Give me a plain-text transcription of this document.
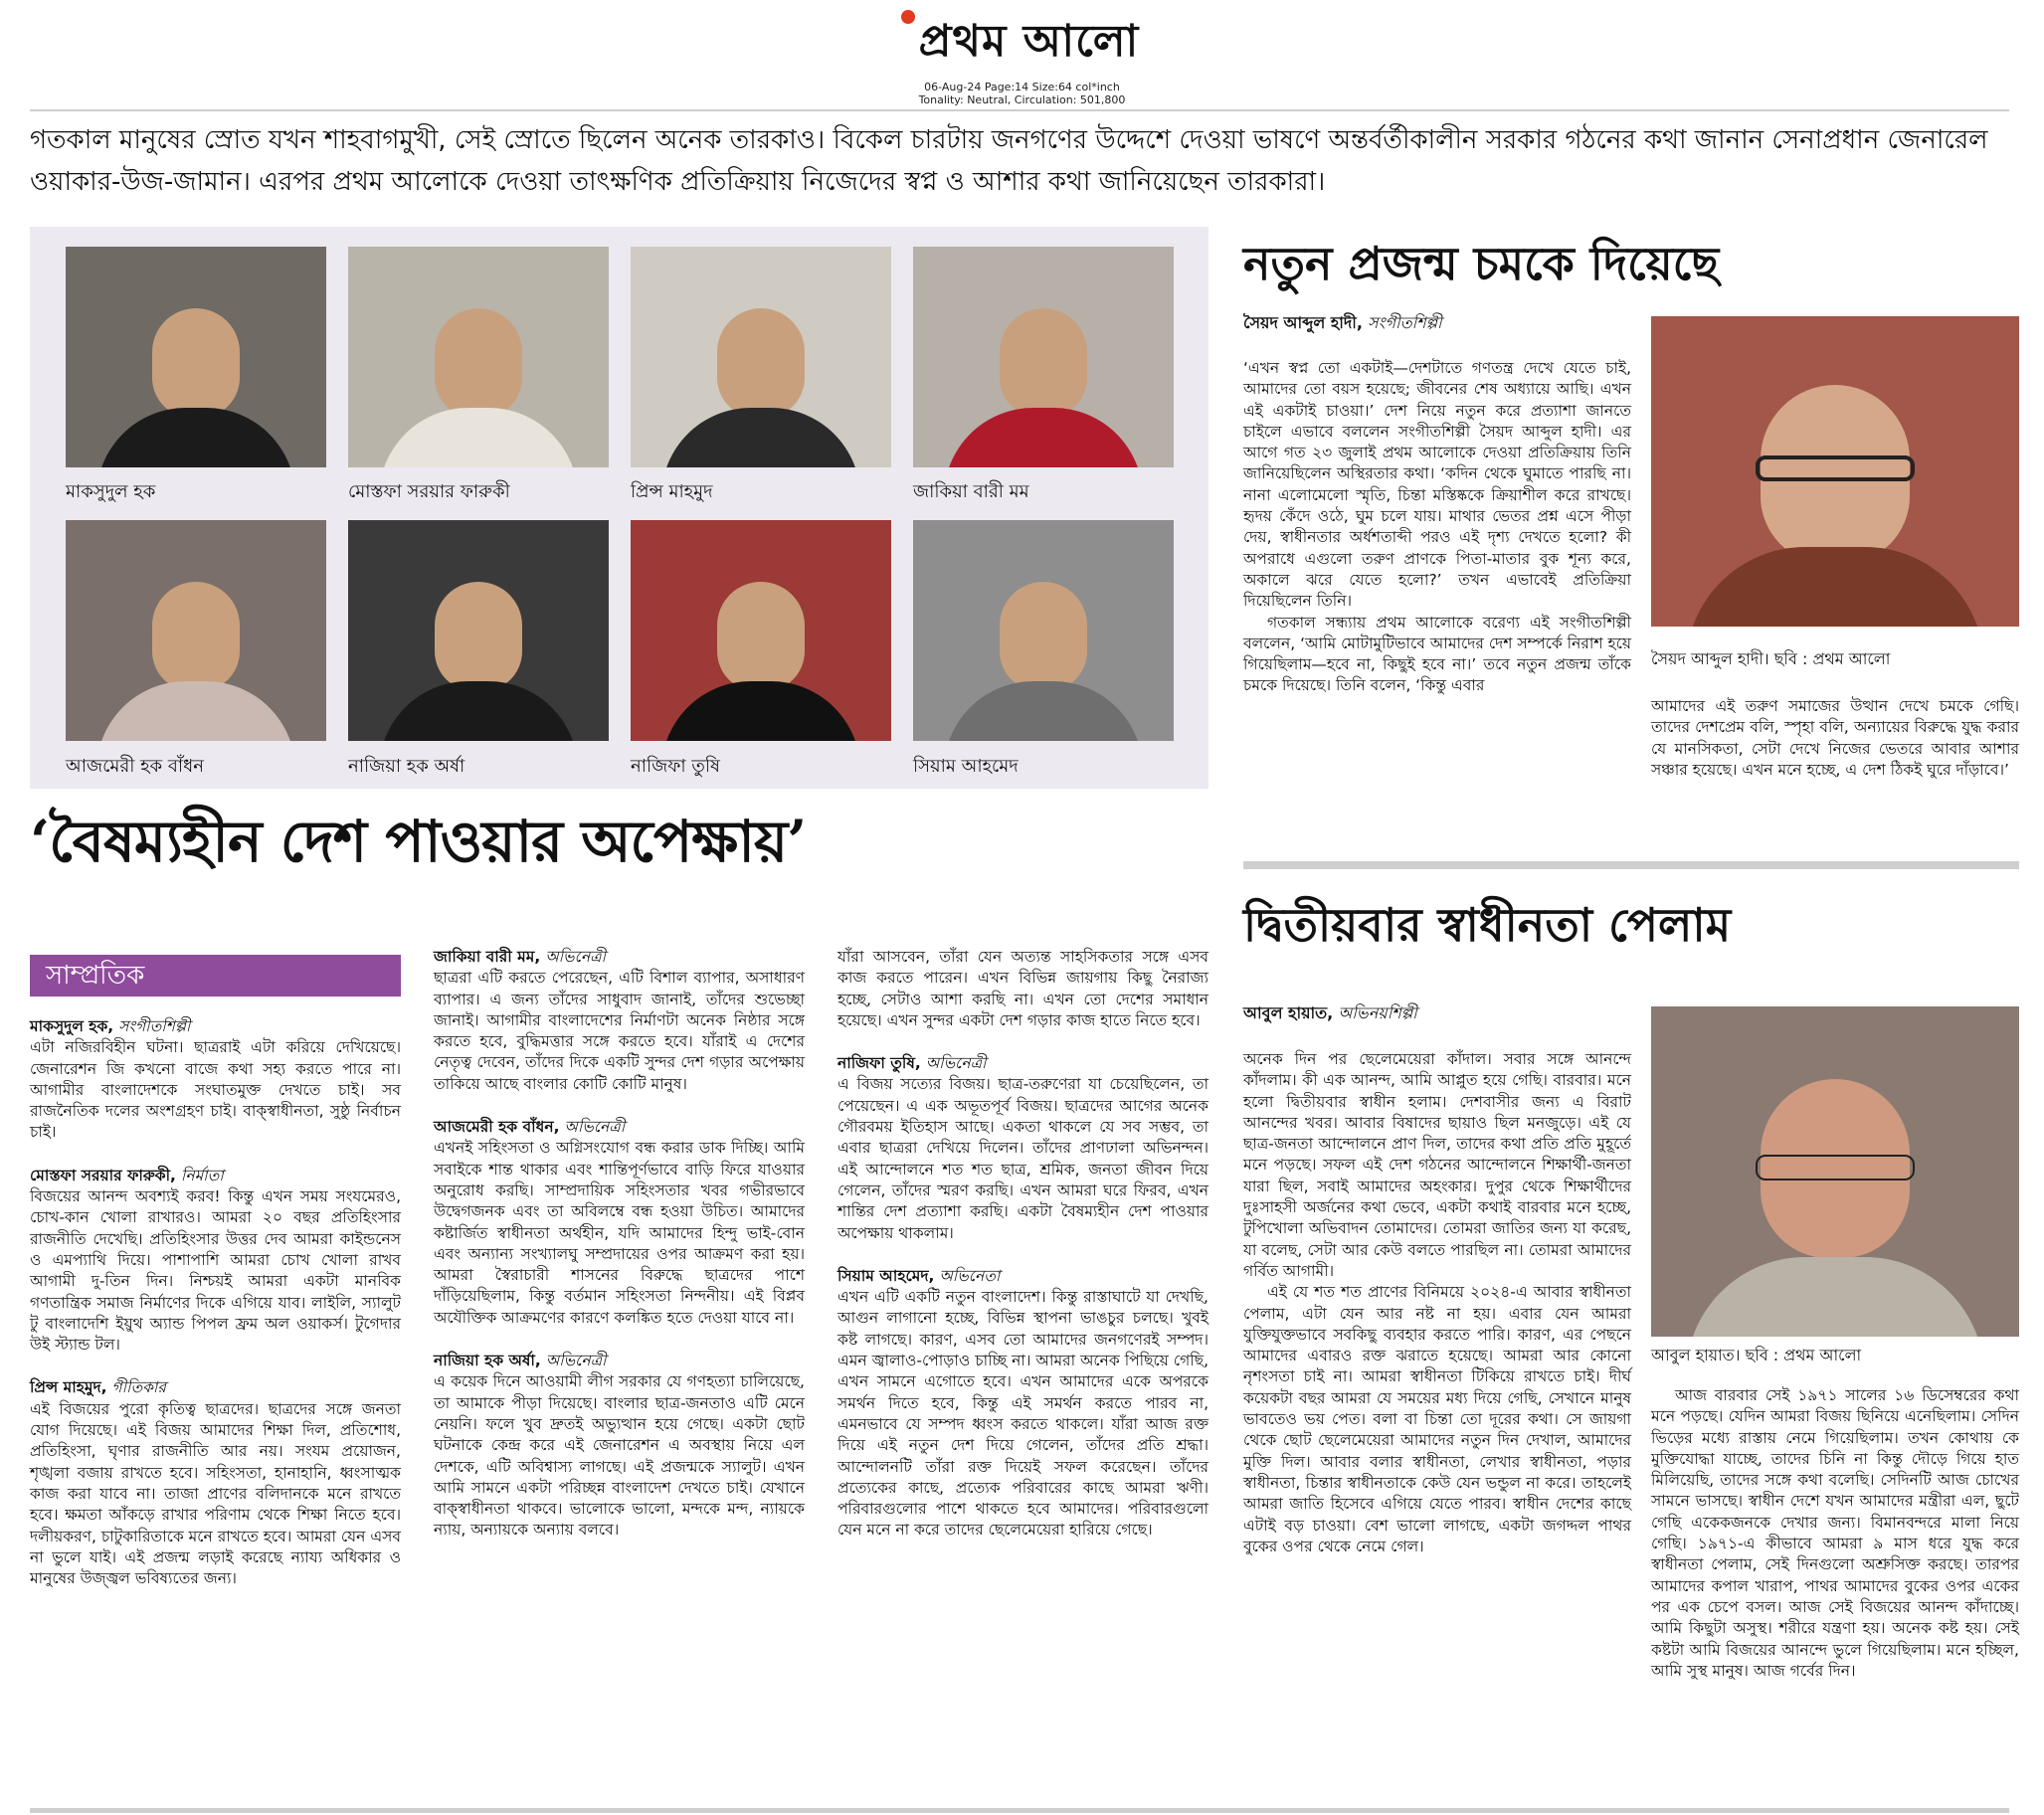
প্রথম আলো
06-Aug-24 Page:14 Size:64 col*inch
Tonality: Neutral, Circulation: 501,800
গতকাল মানুষের স্রোত যখন শাহবাগমুখী, সেই স্রোতে ছিলেন অনেক তারকাও। বিকেল চারটায় জনগণের উদ্দেশে দেওয়া ভাষণে অন্তর্বর্তীকালীন সরকার গঠনের কথা জানান সেনাপ্রধান জেনারেল ওয়াকার-উজ-জামান। এরপর প্রথম আলোকে দেওয়া তাৎক্ষণিক প্রতিক্রিয়ায় নিজেদের স্বপ্ন ও আশার কথা জানিয়েছেন তারকারা।
মাকসুদুল হক	মোস্তফা সরয়ার ফারুকী	প্রিন্স মাহমুদ	জাকিয়া বারী মম
আজমেরী হক বাঁধন	নাজিয়া হক অর্ষা	নাজিফা তুষি	সিয়াম আহমেদ
‘বৈষম্যহীন দেশ পাওয়ার অপেক্ষায়’
সাম্প্রতিক

মাকসুদুল হক, সংগীতশিল্পী

এটা নজিরবিহীন ঘটনা। ছাত্ররাই এটা করিয়ে দেখিয়েছে। জেনারেশন জি কখনো বাজে কথা সহ্য করতে পারে না। আগামীর বাংলাদেশকে সংঘাতমুক্ত দেখতে চাই। সব রাজনৈতিক দলের অংশগ্রহণ চাই। বাক্‌স্বাধীনতা, সুষ্ঠু নির্বাচন চাই।

মোস্তফা সরয়ার ফারুকী, নির্মাতা

বিজয়ের আনন্দ অবশ্যই করব! কিন্তু এখন সময় সংযমেরও, চোখ-কান খোলা রাখারও। আমরা ২০ বছর প্রতিহিংসার রাজনীতি দেখেছি। প্রতিহিংসার উত্তর দেব আমরা কাইন্ডনেস ও এমপ্যাথি দিয়ে। পাশাপাশি আমরা চোখ খোলা রাখব আগামী দু-তিন দিন। নিশ্চয়ই আমরা একটা মানবিক গণতান্ত্রিক সমাজ নির্মাণের দিকে এগিয়ে যাব। লাইলি, স্যালুট টু বাংলাদেশি ইয়ুথ অ্যান্ড পিপল ফ্রম অল ওয়াকর্স। টুগেদার উই স্ট্যান্ড টল।

প্রিন্স মাহমুদ, গীতিকার

এই বিজয়ের পুরো কৃতিত্ব ছাত্রদের। ছাত্রদের সঙ্গে জনতা যোগ দিয়েছে। এই বিজয় আমাদের শিক্ষা দিল, প্রতিশোধ, প্রতিহিংসা, ঘৃণার রাজনীতি আর নয়। সংযম প্রয়োজন, শৃঙ্খলা বজায় রাখতে হবে। সহিংসতা, হানাহানি, ধ্বংসাত্মক কাজ করা যাবে না। তাজা প্রাণের বলিদানকে মনে রাখতে হবে। ক্ষমতা আঁকড়ে রাখার পরিণাম থেকে শিক্ষা নিতে হবে। দলীয়করণ, চাটুকারিতাকে মনে রাখতে হবে। আমরা যেন এসব না ভুলে যাই। এই প্রজন্ম লড়াই করেছে ন্যায্য অধিকার ও মানুষের উজ্জ্বল ভবিষ্যতের জন্য।

জাকিয়া বারী মম, অভিনেত্রী

ছাত্ররা এটি করতে পেরেছেন, এটি বিশাল ব্যাপার, অসাধারণ ব্যাপার। এ জন্য তাঁদের সাধুবাদ জানাই, তাঁদের শুভেচ্ছা জানাই। আগামীর বাংলাদেশের নির্মাণটা অনেক নিষ্ঠার সঙ্গে করতে হবে, বুদ্ধিমত্তার সঙ্গে করতে হবে। যাঁরাই এ দেশের নেতৃত্ব দেবেন, তাঁদের দিকে একটি সুন্দর দেশ গড়ার অপেক্ষায় তাকিয়ে আছে বাংলার কোটি কোটি মানুষ।

আজমেরী হক বাঁধন, অভিনেত্রী

এখনই সহিংসতা ও অগ্নিসংযোগ বন্ধ করার ডাক দিচ্ছি। আমি সবাইকে শান্ত থাকার এবং শান্তিপূর্ণভাবে বাড়ি ফিরে যাওয়ার অনুরোধ করছি। সাম্প্রদায়িক সহিংসতার খবর গভীরভাবে উদ্বেগজনক এবং তা অবিলম্বে বন্ধ হওয়া উচিত। আমাদের কষ্টার্জিত স্বাধীনতা অর্থহীন, যদি আমাদের হিন্দু ভাই-বোন এবং অন্যান্য সংখ্যালঘু সম্প্রদায়ের ওপর আক্রমণ করা হয়। আমরা স্বৈরাচারী শাসনের বিরুদ্ধে ছাত্রদের পাশে দাঁড়িয়েছিলাম, কিন্তু বর্তমান সহিংসতা নিন্দনীয়। এই বিপ্লব অযৌক্তিক আক্রমণের কারণে কলঙ্কিত হতে দেওয়া যাবে না।

নাজিয়া হক অর্ষা, অভিনেত্রী

এ কয়েক দিনে আওয়ামী লীগ সরকার যে গণহত্যা চালিয়েছে, তা আমাকে পীড়া দিয়েছে। বাংলার ছাত্র-জনতাও এটি মেনে নেয়নি। ফলে খুব দ্রুতই অভ্যুত্থান হয়ে গেছে। একটা ছোট ঘটনাকে কেন্দ্র করে এই জেনারেশন এ অবস্থায় নিয়ে এল দেশকে, এটি অবিশ্বাস্য লাগছে। এই প্রজন্মকে স্যালুট। এখন আমি সামনে একটা পরিচ্ছন্ন বাংলাদেশ দেখতে চাই। যেখানে বাক্‌স্বাধীনতা থাকবে। ভালোকে ভালো, মন্দকে মন্দ, ন্যায়কে ন্যায়, অন্যায়কে অন্যায় বলবে।

যাঁরা আসবেন, তাঁরা যেন অত্যন্ত সাহসিকতার সঙ্গে এসব কাজ করতে পারেন। এখন বিভিন্ন জায়গায় কিছু নৈরাজ্য হচ্ছে, সেটাও আশা করছি না। এখন তো দেশের সমাধান হয়েছে। এখন সুন্দর একটা দেশ গড়ার কাজ হাতে নিতে হবে।

নাজিফা তুষি, অভিনেত্রী

এ বিজয় সত্যের বিজয়। ছাত্র-তরুণেরা যা চেয়েছিলেন, তা পেয়েছেন। এ এক অভূতপূর্ব বিজয়। ছাত্রদের আগের অনেক গৌরবময় ইতিহাস আছে। একতা থাকলে যে সব সম্ভব, তা এবার ছাত্ররা দেখিয়ে দিলেন। তাঁদের প্রাণঢালা অভিনন্দন। এই আন্দোলনে শত শত ছাত্র, শ্রমিক, জনতা জীবন দিয়ে গেলেন, তাঁদের স্মরণ করছি। এখন আমরা ঘরে ফিরব, এখন শান্তির দেশ প্রত্যাশা করছি। একটা বৈষম্যহীন দেশ পাওয়ার অপেক্ষায় থাকলাম।

সিয়াম আহমেদ, অভিনেতা

এখন এটি একটি নতুন বাংলাদেশ। কিন্তু রাস্তাঘাটে যা দেখছি, আগুন লাগানো হচ্ছে, বিভিন্ন স্থাপনা ভাঙচুর চলছে। খুবই কষ্ট লাগছে। কারণ, এসব তো আমাদের জনগণেরই সম্পদ। এমন জ্বালাও-পোড়াও চাচ্ছি না। আমরা অনেক পিছিয়ে গেছি, এখন সামনে এগোতে হবে। এখন আমাদের একে অপরকে সমর্থন দিতে হবে, কিন্তু এই সমর্থন করতে পারব না, এমনভাবে যে সম্পদ ধ্বংস করতে থাকলে। যাঁরা আজ রক্ত দিয়ে এই নতুন দেশ দিয়ে গেলেন, তাঁদের প্রতি শ্রদ্ধা। আন্দোলনটি তাঁরা রক্ত দিয়েই সফল করেছেন। তাঁদের প্রত্যেকের কাছে, প্রত্যেক পরিবারের কাছে আমরা ঋণী। পরিবারগুলোর পাশে থাকতে হবে আমাদের। পরিবারগুলো যেন মনে না করে তাদের ছেলেমেয়েরা হারিয়ে গেছে।

নতুন প্রজন্ম চমকে দিয়েছে
সৈয়দ আব্দুল হাদী, সংগীতশিল্পী

‘এখন স্বপ্ন তো একটাই—দেশটাতে গণতন্ত্র দেখে যেতে চাই, আমাদের তো বয়স হয়েছে; জীবনের শেষ অধ্যায়ে আছি। এখন এই একটাই চাওয়া।’ দেশ নিয়ে নতুন করে প্রত্যাশা জানতে চাইলে এভাবে বললেন সংগীতশিল্পী সৈয়দ আব্দুল হাদী। এর আগে গত ২৩ জুলাই প্রথম আলোকে দেওয়া প্রতিক্রিয়ায় তিনি জানিয়েছিলেন অস্থিরতার কথা। ‘কদিন থেকে ঘুমাতে পারছি না। নানা এলোমেলো স্মৃতি, চিন্তা মস্তিষ্ককে ক্রিয়াশীল করে রাখছে। হৃদয় কেঁদে ওঠে, ঘুম চলে যায়। মাথার ভেতর প্রশ্ন এসে পীড়া দেয়, স্বাধীনতার অর্ধশতাব্দী পরও এই দৃশ্য দেখতে হলো? কী অপরাধে এগুলো তরুণ প্রাণকে পিতা-মাতার বুক শূন্য করে, অকালে ঝরে যেতে হলো?’ তখন এভাবেই প্রতিক্রিয়া দিয়েছিলেন তিনি।

গতকাল সন্ধ্যায় প্রথম আলোকে বরেণ্য এই সংগীতশিল্পী বললেন, ‘আমি মোটামুটিভাবে আমাদের দেশ সম্পর্কে নিরাশ হয়ে গিয়েছিলাম—হবে না, কিছুই হবে না।’ তবে নতুন প্রজন্ম তাঁকে চমকে দিয়েছে। তিনি বলেন, ‘কিন্তু এবার

সৈয়দ আব্দুল হাদী। ছবি : প্রথম আলো
আমাদের এই তরুণ সমাজের উত্থান দেখে চমকে গেছি। তাদের দেশপ্রেম বলি, স্পৃহা বলি, অন্যায়ের বিরুদ্ধে যুদ্ধ করার যে মানসিকতা, সেটা দেখে নিজের ভেতরে আবার আশার সঞ্চার হয়েছে। এখন মনে হচ্ছে, এ দেশ ঠিকই ঘুরে দাঁড়াবে।’
দ্বিতীয়বার স্বাধীনতা পেলাম
আবুল হায়াত, অভিনয়শিল্পী

অনেক দিন পর ছেলেমেয়েরা কাঁদাল। সবার সঙ্গে আনন্দে কাঁদলাম। কী এক আনন্দ, আমি আপ্লুত হয়ে গেছি। বারবার। মনে হলো দ্বিতীয়বার স্বাধীন হলাম। দেশবাসীর জন্য এ বিরাট আনন্দের খবর। আবার বিষাদের ছায়াও ছিল মনজুড়ে। এই যে ছাত্র-জনতা আন্দোলনে প্রাণ দিল, তাদের কথা প্রতি প্রতি মুহূর্তে মনে পড়ছে। সফল এই দেশ গঠনের আন্দোলনে শিক্ষার্থী-জনতা যারা ছিল, সবাই আমাদের অহংকার। দুপুর থেকে শিক্ষার্থীদের দুঃসাহসী অর্জনের কথা ভেবে, একটা কথাই বারবার মনে হচ্ছে, টুপিখোলা অভিবাদন তোমাদের। তোমরা জাতির জন্য যা করেছ, যা বলেছ, সেটা আর কেউ বলতে পারছিল না। তোমরা আমাদের গর্বিত আগামী।

এই যে শত শত প্রাণের বিনিময়ে ২০২৪-এ আবার স্বাধীনতা পেলাম, এটা যেন আর নষ্ট না হয়। এবার যেন আমরা যুক্তিযুক্তভাবে সবকিছু ব্যবহার করতে পারি। কারণ, এর পেছনে আমাদের এবারও রক্ত ঝরাতে হয়েছে। আমরা আর কোনো নৃশংসতা চাই না। আমরা স্বাধীনতা টিকিয়ে রাখতে চাই। দীর্ঘ কয়েকটা বছর আমরা যে সময়ের মধ্য দিয়ে গেছি, সেখানে মানুষ ভাবতেও ভয় পেত। বলা বা চিন্তা তো দূরের কথা। সে জায়গা থেকে ছোট ছেলেমেয়েরা আমাদের নতুন দিন দেখাল, আমাদের মুক্তি দিল। আবার বলার স্বাধীনতা, লেখার স্বাধীনতা, পড়ার স্বাধীনতা, চিন্তার স্বাধীনতাকে কেউ যেন ভন্ডুল না করে। তাহলেই আমরা জাতি হিসেবে এগিয়ে যেতে পারব। স্বাধীন দেশের কাছে এটাই বড় চাওয়া। বেশ ভালো লাগছে, একটা জগদ্দল পাথর বুকের ওপর থেকে নেমে গেল।

আবুল হায়াত। ছবি : প্রথম আলো
আজ বারবার সেই ১৯৭১ সালের ১৬ ডিসেম্বরের কথা মনে পড়ছে। যেদিন আমরা বিজয় ছিনিয়ে এনেছিলাম। সেদিন ভিড়ের মধ্যে রাস্তায় নেমে গিয়েছিলাম। তখন কোথায় কে মুক্তিযোদ্ধা যাচ্ছে, তাদের চিনি না কিন্তু দৌড়ে গিয়ে হাত মিলিয়েছি, তাদের সঙ্গে কথা বলেছি। সেদিনটি আজ চোখের সামনে ভাসছে। স্বাধীন দেশে যখন আমাদের মন্ত্রীরা এল, ছুটে গেছি একেকজনকে দেখার জন্য। বিমানবন্দরে মালা নিয়ে গেছি। ১৯৭১-এ কীভাবে আমরা ৯ মাস ধরে যুদ্ধ করে স্বাধীনতা পেলাম, সেই দিনগুলো অশ্রুসিক্ত করছে। তারপর আমাদের কপাল খারাপ, পাথর আমাদের বুকের ওপর একের পর এক চেপে বসল। আজ সেই বিজয়ের আনন্দ কাঁদাচ্ছে। আমি কিছুটা অসুস্থ। শরীরে যন্ত্রণা হয়। অনেক কষ্ট হয়। সেই কষ্টটা আমি বিজয়ের আনন্দে ভুলে গিয়েছিলাম। মনে হচ্ছিল, আমি সুস্থ মানুষ। আজ গর্বের দিন।
